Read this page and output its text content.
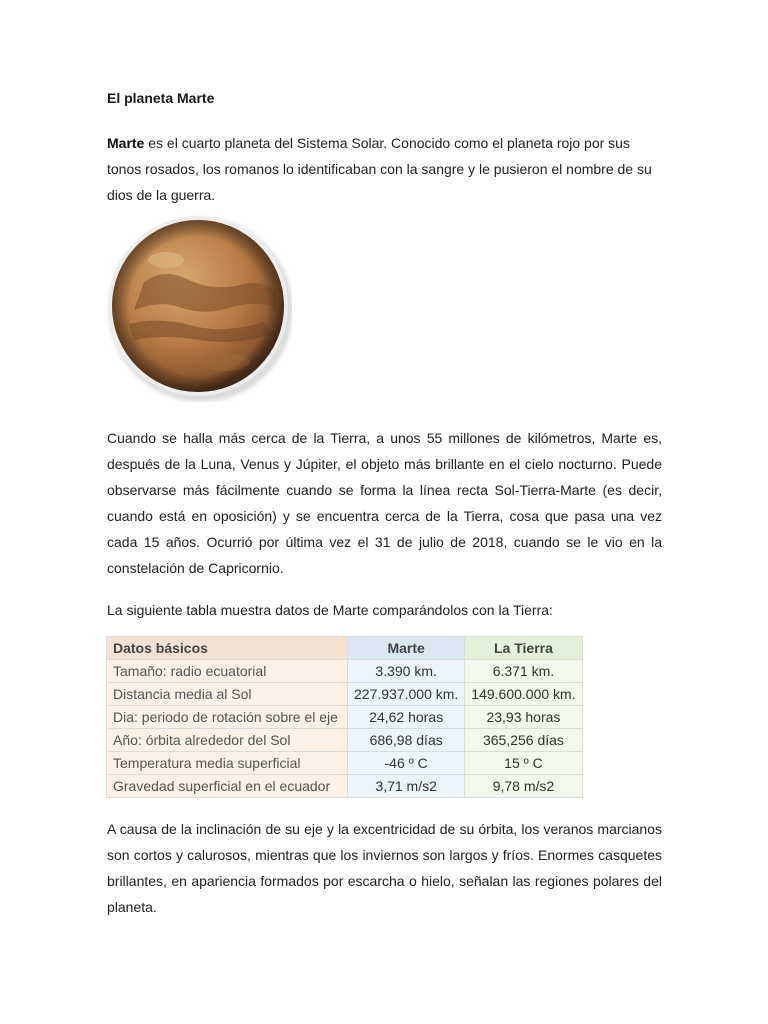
El planeta Marte

Marte es el cuarto planeta del Sistema Solar. Conocido como el planeta rojo por sus tonos rosados, los romanos lo identificaban con la sangre y le pusieron el nombre de su dios de la guerra.

Cuando se halla más cerca de la Tierra, a unos 55 millones de kilómetros, Marte es, después de la Luna, Venus y Júpiter, el objeto más brillante en el cielo nocturno. Puede observarse más fácilmente cuando se forma la línea recta Sol-Tierra-Marte (es decir, cuando está en oposición) y se encuentra cerca de la Tierra, cosa que pasa una vez cada 15 años. Ocurrió por última vez el 31 de julio de 2018, cuando se le vio en la constelación de Capricornio.

La siguiente tabla muestra datos de Marte comparándolos con la Tierra:

Datos básicos	Marte	La Tierra
Tamaño: radio ecuatorial	3.390 km.	6.371 km.
Distancia media al Sol	227.937.000 km.	149.600.000 km.
Dia: periodo de rotación sobre el eje	24,62 horas	23,93 horas
Año: órbita alrededor del Sol	686,98 días	365,256 días
Temperatura media superficial	-46 º C	15 º C
Gravedad superficial en el ecuador	3,71 m/s2	9,78 m/s2

A causa de la inclinación de su eje y la excentricidad de su órbita, los veranos marcianos son cortos y calurosos, mientras que los inviernos son largos y fríos. Enormes casquetes brillantes, en apariencia formados por escarcha o hielo, señalan las regiones polares del planeta.
